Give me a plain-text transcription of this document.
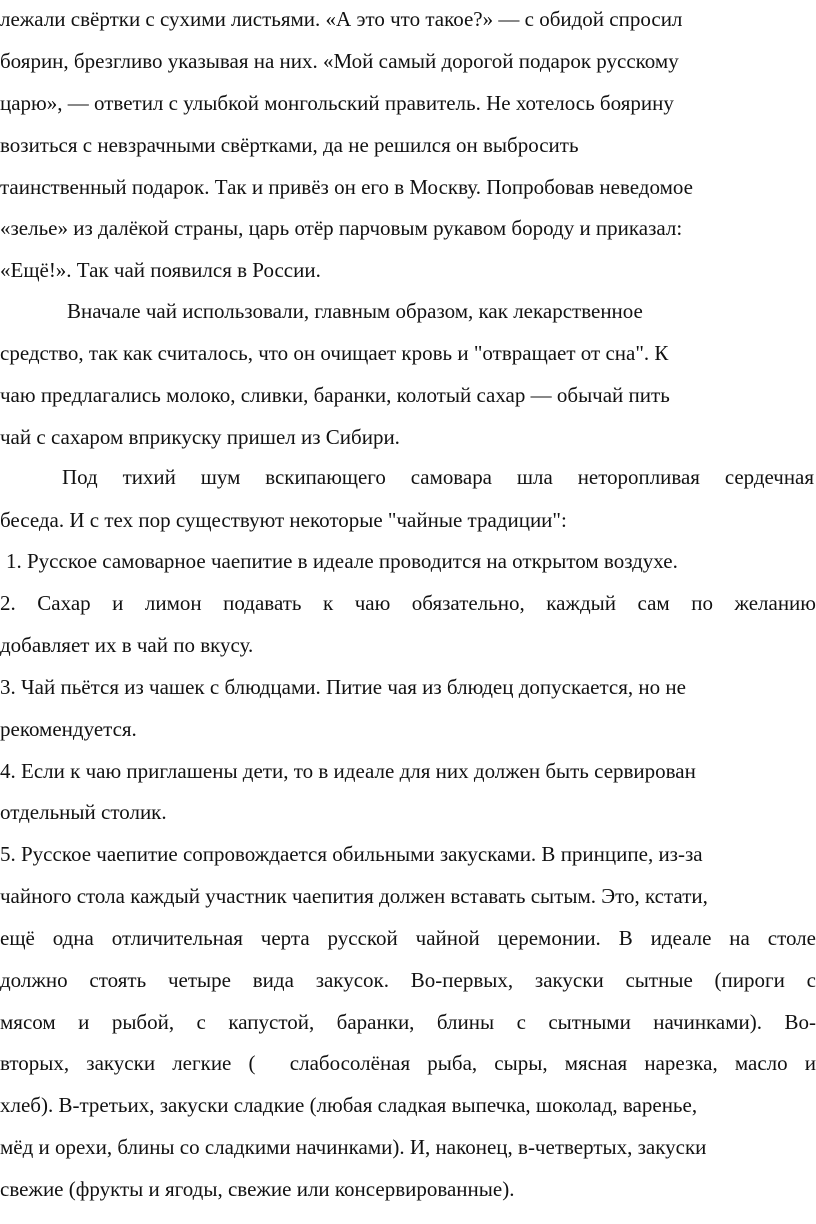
лежали свёртки с сухими листьями. «А это что такое?» — с обидой спросил
боярин, брезгливо указывая на них. «Мой самый дорогой подарок русскому
царю», — ответил с улыбкой монгольский правитель. Не хотелось боярину
возиться с невзрачными свёртками, да не решился он выбросить
таинственный подарок. Так и привёз он его в Москву. Попробовав неведомое
«зелье» из далёкой страны, царь отёр парчовым рукавом бороду и приказал:
«Ещё!». Так чай появился в России.
Вначале чай использовали, главным образом, как лекарственное
средство, так как считалось, что он очищает кровь и "отвращает от сна". К
чаю предлагались молоко, сливки, баранки, колотый сахар — обычай пить
чай с сахаром вприкуску пришел из Сибири.
Под тихий шум вскипающего самовара шла неторопливая сердечная
беседа. И с тех пор существуют некоторые "чайные традиции":
1. Русское самоварное чаепитие в идеале проводится на открытом воздухе.
2. Сахар и лимон подавать к чаю обязательно, каждый сам по желанию
добавляет их в чай по вкусу.
3. Чай пьётся из чашек с блюдцами. Питие чая из блюдец допускается, но не
рекомендуется.
4. Если к чаю приглашены дети, то в идеале для них должен быть сервирован
отдельный столик.
5. Русское чаепитие сопровождается обильными закусками. В принципе, из-за
чайного стола каждый участник чаепития должен вставать сытым. Это, кстати,
ещё одна отличительная черта русской чайной церемонии. В идеале на столе
должно стоять четыре вида закусок. Во-первых, закуски сытные (пироги с
мясом и рыбой, с капустой, баранки, блины с сытными начинками). Во-
вторых, закуски легкие (  слабосолёная рыба, сыры, мясная нарезка, масло и
хлеб). В-третьих, закуски сладкие (любая сладкая выпечка, шоколад, варенье,
мёд и орехи, блины со сладкими начинками). И, наконец, в-четвертых, закуски
свежие (фрукты и ягоды, свежие или консервированные).
